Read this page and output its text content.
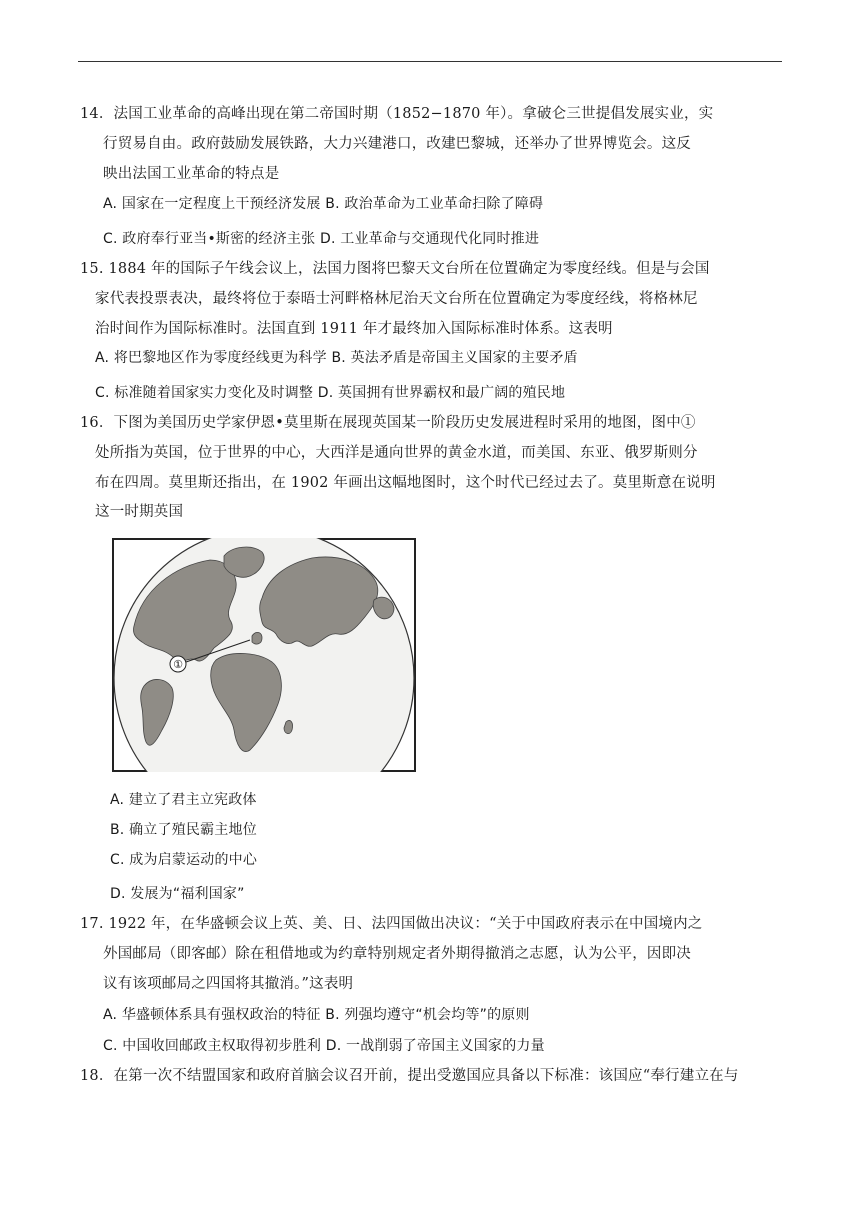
14．法国工业革命的高峰出现在第二帝国时期（1852−1870 年）。拿破仑三世提倡发展实业，实
行贸易自由。政府鼓励发展铁路，大力兴建港口，改建巴黎城，还举办了世界博览会。这反
映出法国工业革命的特点是
A. 国家在一定程度上干预经济发展 B. 政治革命为工业革命扫除了障碍
C. 政府奉行亚当•斯密的经济主张 D. 工业革命与交通现代化同时推进
15. 1884 年的国际子午线会议上，法国力图将巴黎天文台所在位置确定为零度经线。但是与会国
家代表投票表决，最终将位于泰晤士河畔格林尼治天文台所在位置确定为零度经线，将格林尼
治时间作为国际标准时。法国直到 1911 年才最终加入国际标准时体系。这表明
A. 将巴黎地区作为零度经线更为科学 B. 英法矛盾是帝国主义国家的主要矛盾
C. 标准随着国家实力变化及时调整 D. 英国拥有世界霸权和最广阔的殖民地
16．下图为美国历史学家伊恩•莫里斯在展现英国某一阶段历史发展进程时采用的地图，图中①
处所指为英国，位于世界的中心，大西洋是通向世界的黄金水道，而美国、东亚、俄罗斯则分
布在四周。莫里斯还指出，在 1902 年画出这幅地图时，这个时代已经过去了。莫里斯意在说明
这一时期英国
①
A. 建立了君主立宪政体
B. 确立了殖民霸主地位
C. 成为启蒙运动的中心
D. 发展为“福利国家”
17. 1922 年，在华盛顿会议上英、美、日、法四国做出决议：“关于中国政府表示在中国境内之
外国邮局（即客邮）除在租借地或为约章特别规定者外期得撤消之志愿，认为公平，因即决
议有该项邮局之四国将其撤消。”这表明
A. 华盛顿体系具有强权政治的特征 B. 列强均遵守“机会均等”的原则
C. 中国收回邮政主权取得初步胜利 D. 一战削弱了帝国主义国家的力量
18．在第一次不结盟国家和政府首脑会议召开前，提出受邀国应具备以下标准：该国应“奉行建立在与
